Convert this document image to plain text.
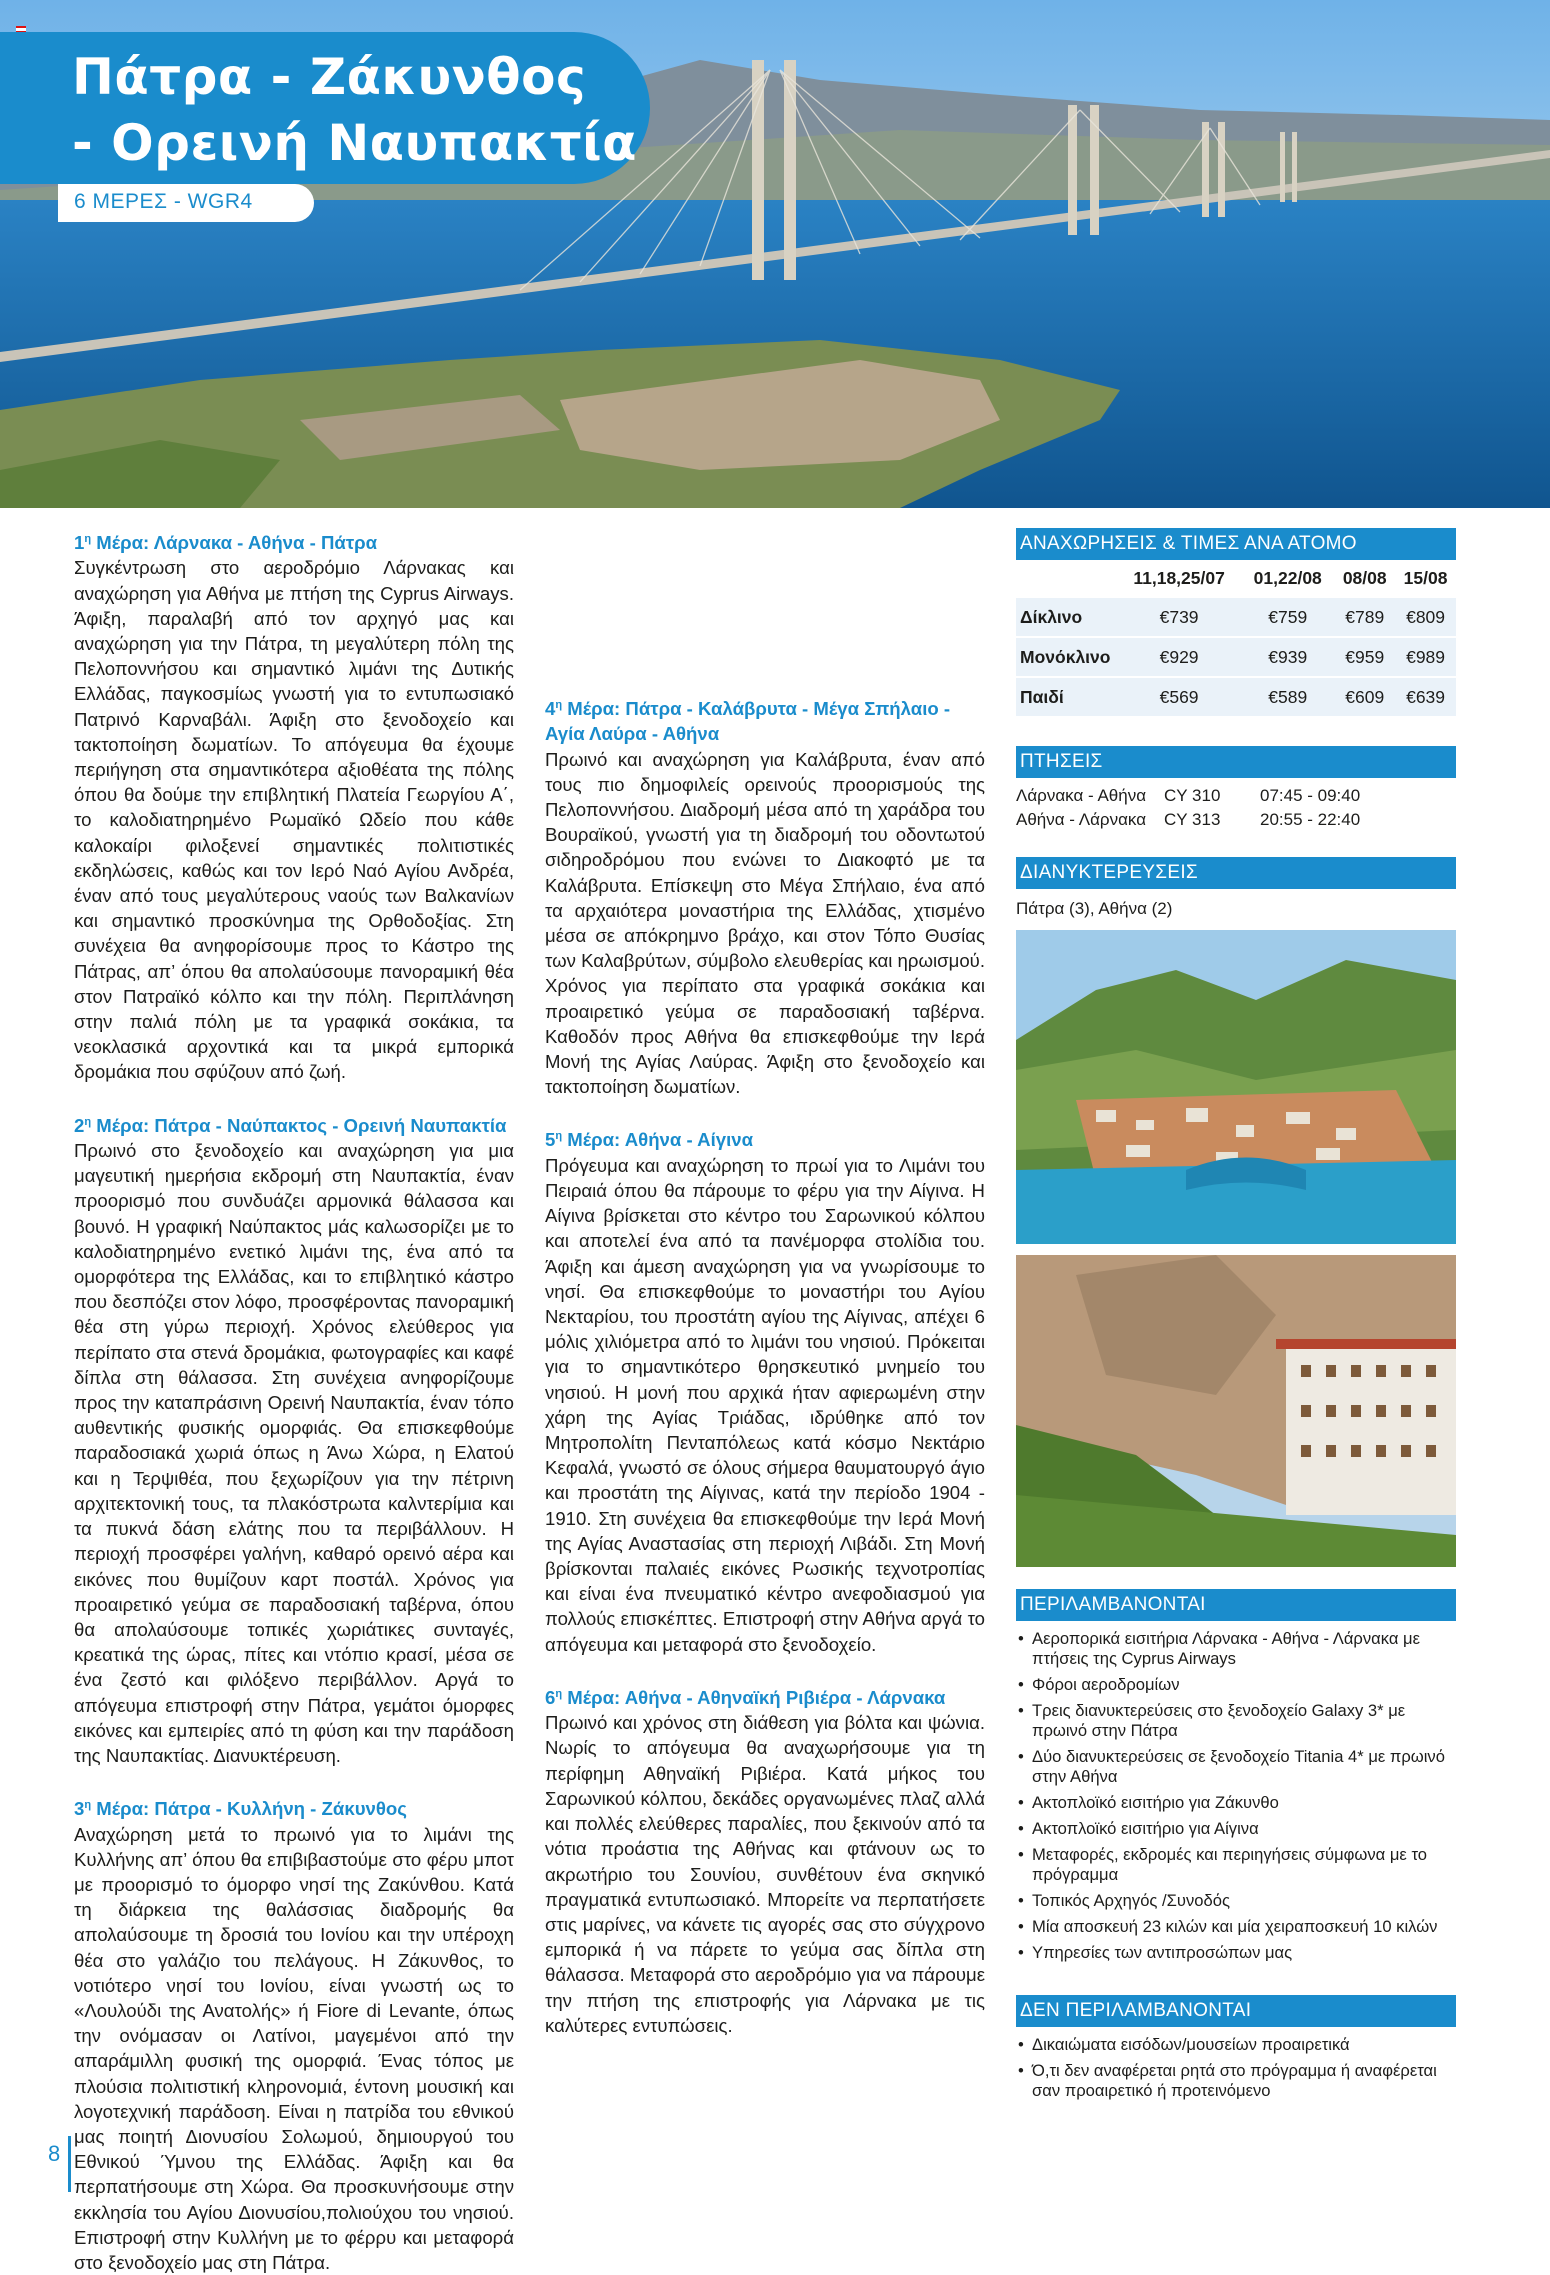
Πάτρα - Ζάκυνθος
- Ορεινή Ναυπακτία
6 ΜΕΡΕΣ - WGR4
$1^\eta$ Μέρα: Λάρνακα - Αθήνα - Πάτρα

Συγκέντρωση στο αεροδρόμιο Λάρνακας και αναχώρηση για Αθήνα με πτήση της Cyprus Airways. Άφιξη, παραλαβή από τον αρχηγό μας και αναχώρηση για την Πάτρα, τη μεγαλύτερη πόλη της Πελοποννήσου και σημαντικό λιμάνι της Δυτικής Ελλάδας, παγκοσμίως γνωστή για το εντυπωσιακό Πατρινό Καρναβάλι. Άφιξη στο ξενοδοχείο και τακτοποίηση δωματίων. Το απόγευμα θα έχουμε περιήγηση στα σημαντικότερα αξιοθέατα της πόλης όπου θα δούμε την επιβλητική Πλατεία Γεωργίου Α΄, το καλοδιατηρημένο Ρωμαϊκό Ωδείο που κάθε καλοκαίρι φιλοξενεί σημαντικές πολιτιστικές εκδηλώσεις, καθώς και τον Ιερό Ναό Αγίου Ανδρέα, έναν από τους μεγαλύτερους ναούς των Βαλκανίων και σημαντικό προσκύνημα της Ορθοδοξίας. Στη συνέχεια θα ανηφορίσουμε προς το Κάστρο της Πάτρας, απ’ όπου θα απολαύσουμε πανοραμική θέα στον Πατραϊκό κόλπο και την πόλη. Περιπλάνηση στην παλιά πόλη με τα γραφικά σοκάκια, τα νεοκλασικά αρχοντικά και τα μικρά εμπορικά δρομάκια που σφύζουν από ζωή.

$2^\eta$ Μέρα: Πάτρα - Ναύπακτος - Ορεινή Ναυπακτία

Πρωινό στο ξενοδοχείο και αναχώρηση για μια μαγευτική ημερήσια εκδρομή στη Ναυπακτία, έναν προορισμό που συνδυάζει αρμονικά θάλασσα και βουνό. Η γραφική Ναύπακτος μάς καλωσορίζει με το καλοδιατηρημένο ενετικό λιμάνι της, ένα από τα ομορφότερα της Ελλάδας, και το επιβλητικό κάστρο που δεσπόζει στον λόφο, προσφέροντας πανοραμική θέα στη γύρω περιοχή. Χρόνος ελεύθερος για περίπατο στα στενά δρομάκια, φωτογραφίες και καφέ δίπλα στη θάλασσα. Στη συνέχεια ανηφορίζουμε προς την καταπράσινη Ορεινή Ναυπακτία, έναν τόπο αυθεντικής φυσικής ομορφιάς. Θα επισκεφθούμε παραδοσιακά χωριά όπως η Άνω Χώρα, η Ελατού και η Τερψιθέα, που ξεχωρίζουν για την πέτρινη αρχιτεκτονική τους, τα πλακόστρωτα καλντερίμια και τα πυκνά δάση ελάτης που τα περιβάλλουν. Η περιοχή προσφέρει γαλήνη, καθαρό ορεινό αέρα και εικόνες που θυμίζουν καρτ ποστάλ. Χρόνος για προαιρετικό γεύμα σε παραδοσιακή ταβέρνα, όπου θα απολαύσουμε τοπικές χωριάτικες συνταγές, κρεατικά της ώρας, πίτες και ντόπιο κρασί, μέσα σε ένα ζεστό και φιλόξενο περιβάλλον. Αργά το απόγευμα επιστροφή στην Πάτρα, γεμάτοι όμορφες εικόνες και εμπειρίες από τη φύση και την παράδοση της Ναυπακτίας. Διανυκτέρευση.

$3^\eta$ Μέρα: Πάτρα - Κυλλήνη - Ζάκυνθος

Αναχώρηση μετά το πρωινό για το λιμάνι της Κυλλήνης απ’ όπου θα επιβιβαστούμε στο φέρυ μποτ με προορισμό το όμορφο νησί της Ζακύνθου. Κατά τη διάρκεια της θαλάσσιας διαδρομής θα απολαύσουμε τη δροσιά του Ιονίου και την υπέροχη θέα στο γαλάζιο του πελάγους. Η Ζάκυνθος, το νοτιότερο νησί του Ιονίου, είναι γνωστή ως το «Λουλούδι της Ανατολής» ή Fiore di Levante, όπως την ονόμασαν οι Λατίνοι, μαγεμένοι από την απαράμιλλη φυσική της ομορφιά. Ένας τόπος με πλούσια πολιτιστική κληρονομιά, έντονη μουσική και λογοτεχνική παράδοση. Είναι η πατρίδα του εθνικού μας ποιητή Διονυσίου Σολωμού, δημιουργού του Εθνικού Ύμνου της Ελλάδας. Άφιξη και θα περπατήσουμε στη Χώρα. Θα προσκυνήσουμε στην εκκλησία του Αγίου Διονυσίου,πολιούχου του νησιού. Επιστροφή στην Κυλλήνη με το φέρρυ και μεταφορά στο ξενοδοχείο μας στη Πάτρα.

$4^\eta$ Μέρα: Πάτρα - Καλάβρυτα - Μέγα Σπήλαιο - Αγία Λαύρα - Αθήνα

Πρωινό και αναχώρηση για Καλάβρυτα, έναν από τους πιο δημοφιλείς ορεινούς προορισμούς της Πελοποννήσου. Διαδρομή μέσα από τη χαράδρα του Βουραϊκού, γνωστή για τη διαδρομή του οδοντωτού σιδηροδρόμου που ενώνει το Διακοφτό με τα Καλάβρυτα. Επίσκεψη στο Μέγα Σπήλαιο, ένα από τα αρχαιότερα μοναστήρια της Ελλάδας, χτισμένο μέσα σε απόκρημνο βράχο, και στον Τόπο Θυσίας των Καλαβρύτων, σύμβολο ελευθερίας και ηρωισμού. Χρόνος για περίπατο στα γραφικά σοκάκια και προαιρετικό γεύμα σε παραδοσιακή ταβέρνα. Καθοδόν προς Αθήνα θα επισκεφθούμε την Ιερά Μονή της Αγίας Λαύρας. Άφιξη στο ξενοδοχείο και τακτοποίηση δωματίων.

$5^\eta$ Μέρα: Αθήνα - Αίγινα

Πρόγευμα και αναχώρηση το πρωί για το Λιμάνι του Πειραιά όπου θα πάρουμε το φέρυ για την Αίγινα. Η Αίγινα βρίσκεται στο κέντρο του Σαρωνικού κόλπου και αποτελεί ένα από τα πανέμορφα στολίδια του. Άφιξη και άμεση αναχώρηση για να γνωρίσουμε το νησί. Θα επισκεφθούμε το μοναστήρι του Αγίου Νεκταρίου, του προστάτη αγίου της Αίγινας, απέχει 6 μόλις χιλιόμετρα από το λιμάνι του νησιού. Πρόκειται για το σημαντικότερο θρησκευτικό μνημείο του νησιού. Η μονή που αρχικά ήταν αφιερωμένη στην χάρη της Αγίας Τριάδας, ιδρύθηκε από τον Μητροπολίτη Πενταπόλεως κατά κόσμο Νεκτάριο Κεφαλά, γνωστό σε όλους σήμερα θαυματουργό άγιο και προστάτη της Αίγινας, κατά την περίοδο 1904 - 1910. Στη συνέχεια θα επισκεφθούμε την Ιερά Μονή της Αγίας Αναστασίας στη περιοχή Λιβάδι. Στη Μονή βρίσκονται παλαιές εικόνες Ρωσικής τεχνοτροπίας και είναι ένα πνευματικό κέντρο ανεφοδιασμού για πολλούς επισκέπτες. Επιστροφή στην Αθήνα αργά το απόγευμα και μεταφορά στο ξενοδοχείο.

$6^\eta$ Μέρα: Αθήνα - Αθηναϊκή Ριβιέρα - Λάρνακα

Πρωινό και χρόνος στη διάθεση για βόλτα και ψώνια. Νωρίς το απόγευμα θα αναχωρήσουμε για τη περίφημη Αθηναϊκή Ριβιέρα. Κατά μήκος του Σαρωνικού κόλπου, δεκάδες οργανωμένες πλαζ αλλά και πολλές ελεύθερες παραλίες, που ξεκινούν από τα νότια προάστια της Αθήνας και φτάνουν ως το ακρωτήριο του Σουνίου, συνθέτουν ένα σκηνικό πραγματικά εντυπωσιακό. Μπορείτε να περπατήσετε στις μαρίνες, να κάνετε τις αγορές σας στο σύγχρονο εμπορικά ή να πάρετε το γεύμα σας δίπλα στη θάλασσα. Μεταφορά στο αεροδρόμιο για να πάρουμε την πτήση της επιστροφής για Λάρνακα με τις καλύτερες εντυπώσεις.

ΑΝΑΧΩΡΗΣΕΙΣ & ΤΙΜΕΣ ΑΝΑ ΑΤΟΜΟ
	11,18,25/07	01,22/08	08/08	15/08
Δίκλινο	€739	€759	€789	€809
Μονόκλινο	€929	€939	€959	€989
Παιδί	€569	€589	€609	€639
ΠΤΗΣΕΙΣ
Λάρνακα - Αθήνα	CY 310	07:45 - 09:40
Αθήνα - Λάρνακα	CY 313	20:55 - 22:40
ΔΙΑΝΥΚΤΕΡΕΥΣΕΙΣ
Πάτρα (3), Αθήνα (2)
ΠΕΡΙΛΑΜΒΑΝΟΝΤΑΙ
• Αεροπορικά εισιτήρια Λάρνακα - Αθήνα - Λάρνακα με πτήσεις της Cyprus Airways
• Φόροι αεροδρομίων
• Τρεις διανυκτερεύσεις στο ξενοδοχείο Galaxy 3* με πρωινό στην Πάτρα
• Δύο διανυκτερεύσεις σε ξενοδοχείο Titania 4* με πρωινό στην Αθήνα
• Ακτοπλοϊκό εισιτήριο για Ζάκυνθο
• Ακτοπλοϊκό εισιτήριο για Αίγινα
• Μεταφορές, εκδρομές και περιηγήσεις σύμφωνα με το πρόγραμμα
• Τοπικός Αρχηγός /Συνοδός
• Μία αποσκευή 23 κιλών και μία χειραποσκευή 10 κιλών
• Υπηρεσίες των αντιπροσώπων μας
ΔΕΝ ΠΕΡΙΛΑΜΒΑΝΟΝΤΑΙ
• Δικαιώματα εισόδων/μουσείων προαιρετικά
• Ό,τι δεν αναφέρεται ρητά στο πρόγραμμα ή αναφέρεται σαν προαιρετικό ή προτεινόμενο
8
